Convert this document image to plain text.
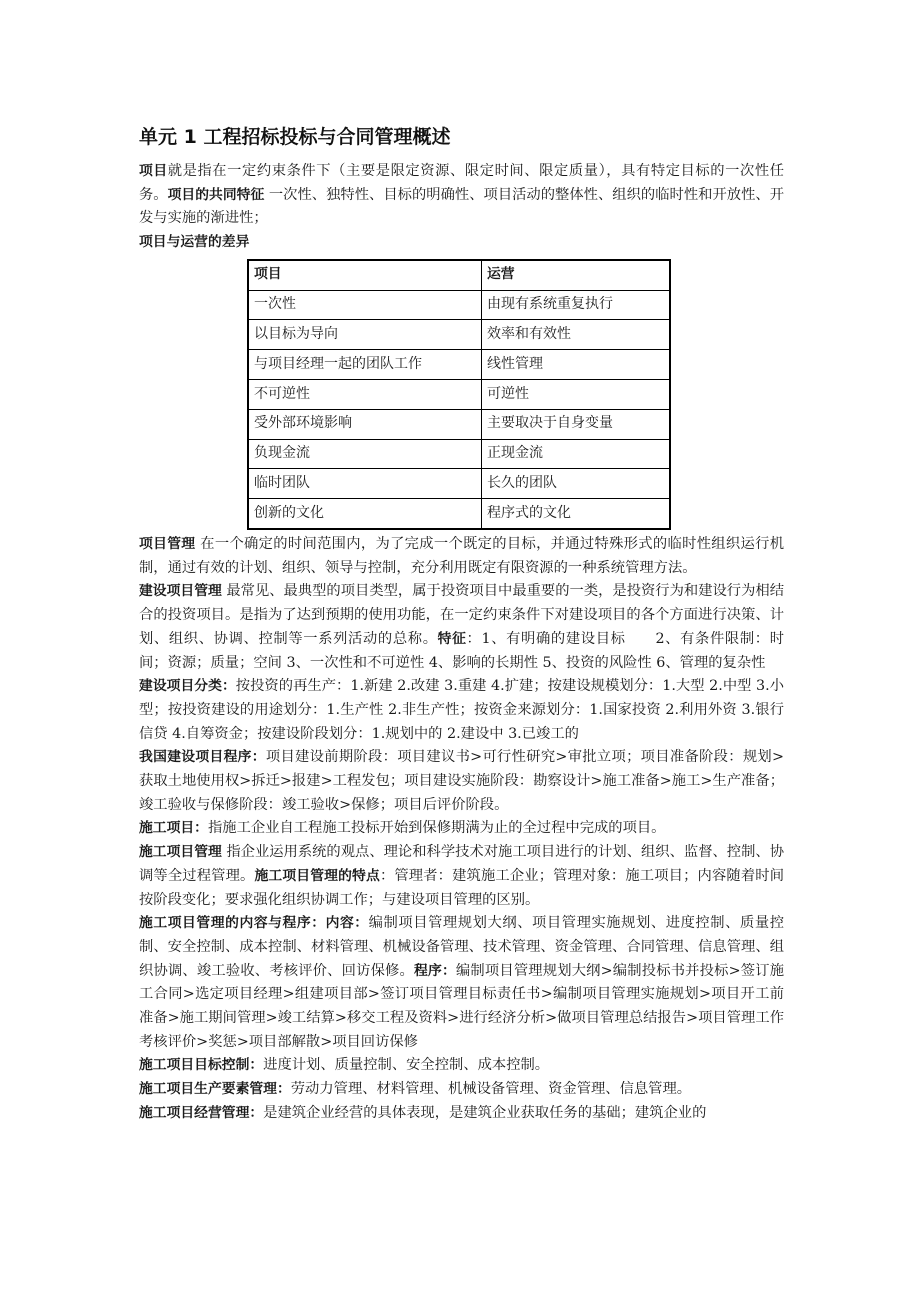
单元 1 工程招标投标与合同管理概述

项目就是指在一定约束条件下（主要是限定资源、限定时间、限定质量），具有特定目标的一次性任务。项目的共同特征 一次性、独特性、目标的明确性、项目活动的整体性、组织的临时性和开放性、开发与实施的渐进性；

项目与运营的差异

项目	运营
一次性	由现有系统重复执行
以目标为导向	效率和有效性
与项目经理一起的团队工作	线性管理
不可逆性	可逆性
受外部环境影响	主要取决于自身变量
负现金流	正现金流
临时团队	长久的团队
创新的文化	程序式的文化

项目管理 在一个确定的时间范围内，为了完成一个既定的目标，并通过特殊形式的临时性组织运行机制，通过有效的计划、组织、领导与控制，充分利用既定有限资源的一种系统管理方法。

建设项目管理 最常见、最典型的项目类型，属于投资项目中最重要的一类，是投资行为和建设行为相结合的投资项目。是指为了达到预期的使用功能，在一定约束条件下对建设项目的各个方面进行决策、计划、组织、协调、控制等一系列活动的总称。特征：1、有明确的建设目标　　2、有条件限制：时间；资源；质量；空间 3、一次性和不可逆性 4、影响的长期性 5、投资的风险性 6、管理的复杂性

建设项目分类：按投资的再生产：1.新建 2.改建 3.重建 4.扩建；按建设规模划分：1.大型 2.中型 3.小型；按投资建设的用途划分：1.生产性 2.非生产性；按资金来源划分：1.国家投资 2.利用外资 3.银行信贷 4.自筹资金；按建设阶段划分：1.规划中的 2.建设中 3.已竣工的

我国建设项目程序：项目建设前期阶段：项目建议书>可行性研究>审批立项；项目准备阶段：规划>获取土地使用权>拆迁>报建>工程发包；项目建设实施阶段：勘察设计>施工准备>施工>生产准备；竣工验收与保修阶段：竣工验收>保修；项目后评价阶段。

施工项目：指施工企业自工程施工投标开始到保修期满为止的全过程中完成的项目。

施工项目管理 指企业运用系统的观点、理论和科学技术对施工项目进行的计划、组织、监督、控制、协调等全过程管理。施工项目管理的特点：管理者：建筑施工企业；管理对象：施工项目；内容随着时间按阶段变化；要求强化组织协调工作；与建设项目管理的区别。

施工项目管理的内容与程序：内容：编制项目管理规划大纲、项目管理实施规划、进度控制、质量控制、安全控制、成本控制、材料管理、机械设备管理、技术管理、资金管理、合同管理、信息管理、组织协调、竣工验收、考核评价、回访保修。程序：编制项目管理规划大纲>编制投标书并投标>签订施工合同>选定项目经理>组建项目部>签订项目管理目标责任书>编制项目管理实施规划>项目开工前准备>施工期间管理>竣工结算>移交工程及资料>进行经济分析>做项目管理总结报告>项目管理工作考核评价>奖惩>项目部解散>项目回访保修

施工项目目标控制：进度计划、质量控制、安全控制、成本控制。

施工项目生产要素管理：劳动力管理、材料管理、机械设备管理、资金管理、信息管理。

施工项目经营管理：是建筑企业经营的具体表现，是建筑企业获取任务的基础；建筑企业的
